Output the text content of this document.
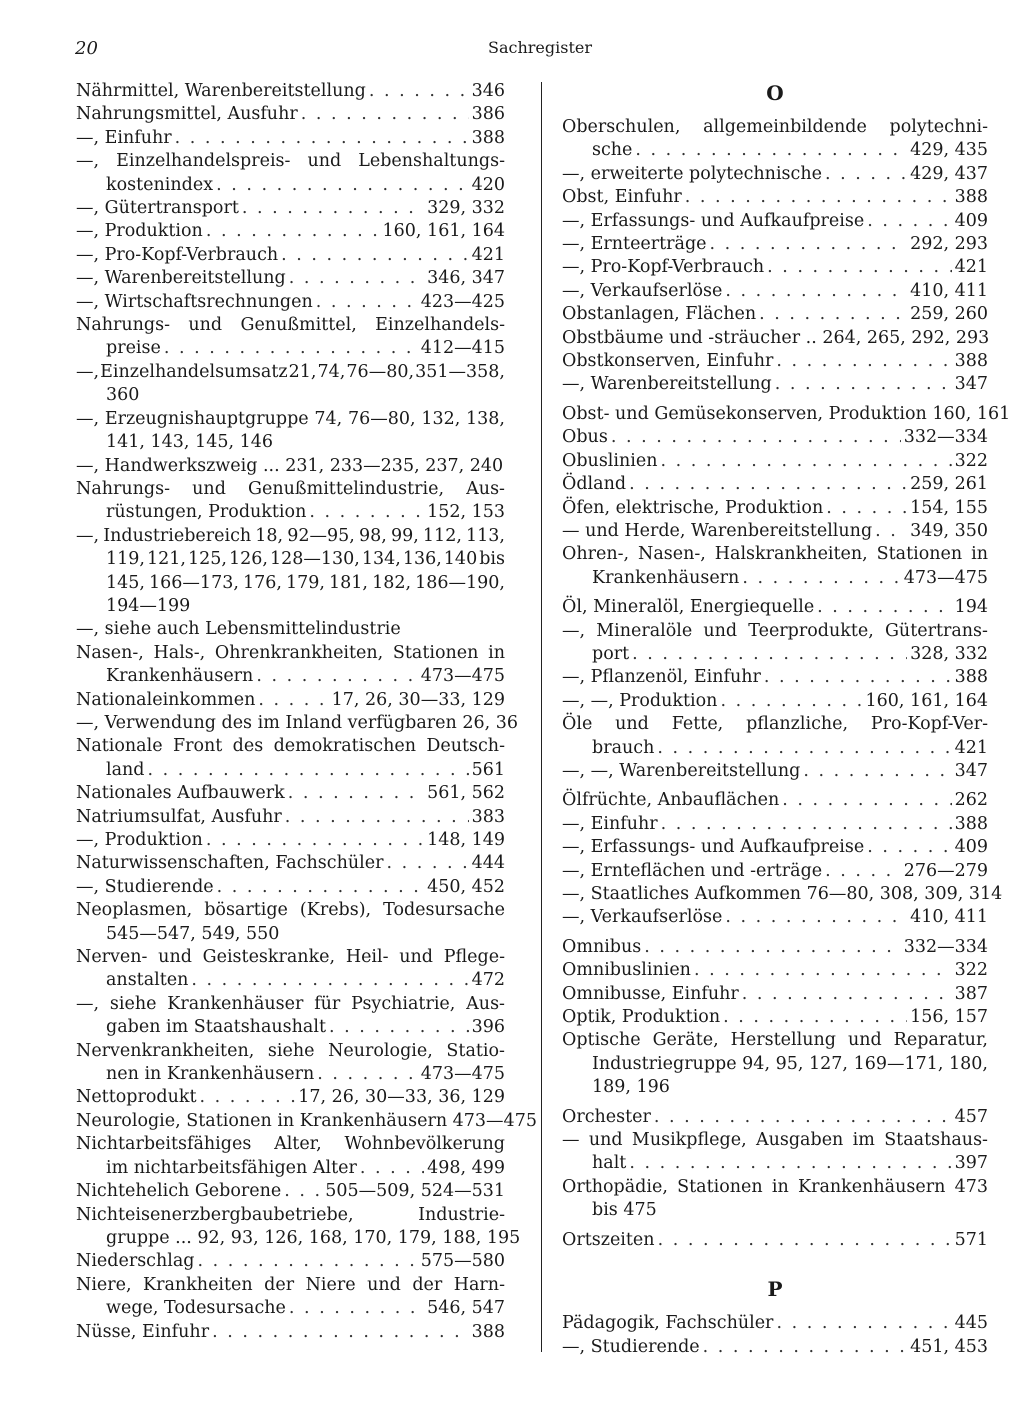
20	Sachregister
Nährmittel, Warenbereitstellung . . .	346
Nahrungsmittel, Ausfuhr . . .	386
—, Einfuhr . . .	388
—, Einzelhandelspreis- und Lebenshaltungs-
kostenindex . . .	420
—, Gütertransport . . .	329, 332
—, Produktion . . .	160, 161, 164
—, Pro-Kopf-Verbrauch . . .	421
—, Warenbereitstellung . . .	346, 347
—, Wirtschaftsrechnungen . . .	423—425
Nahrungs- und Genußmittel, Einzelhandels-
preise . . .	412—415
—, Einzelhandelsumsatz 21, 74, 76—80, 351—358,
360
—, Erzeugnishauptgruppe 74, 76—80, 132, 138,
141, 143, 145, 146
—, Handwerkszweig ... 231, 233—235, 237, 240
Nahrungs- und Genußmittelindustrie, Aus-
rüstungen, Produktion . . .	152, 153
—, Industriebereich 18, 92—95, 98, 99, 112, 113,
119, 121, 125, 126, 128—130, 134, 136, 140 bis
145, 166—173, 176, 179, 181, 182, 186—190,
194—199
—, siehe auch Lebensmittelindustrie
Nasen-, Hals-, Ohrenkrankheiten, Stationen in
Krankenhäusern . . .	473—475
Nationaleinkommen . . .	17, 26, 30—33, 129
—, Verwendung des im Inland verfügbaren 26, 36
Nationale Front des demokratischen Deutsch-
land . . .	561
Nationales Aufbauwerk . . .	561, 562
Natriumsulfat, Ausfuhr . . .	383
—, Produktion . . .	148, 149
Naturwissenschaften, Fachschüler . . .	444
—, Studierende . . .	450, 452
Neoplasmen, bösartige (Krebs), Todesursache
545—547, 549, 550
Nerven- und Geisteskranke, Heil- und Pflege-
anstalten . . .	472
—, siehe Krankenhäuser für Psychiatrie, Aus-
gaben im Staatshaushalt . . .	396
Nervenkrankheiten, siehe Neurologie, Statio-
nen in Krankenhäusern . . .	473—475
Nettoprodukt . . .	17, 26, 30—33, 36, 129
Neurologie, Stationen in Krankenhäusern 473—475
Nichtarbeitsfähiges Alter, Wohnbevölkerung
im nichtarbeitsfähigen Alter . . .	498, 499
Nichtehelich Geborene . . .	505—509, 524—531
Nichteisenerzbergbaubetriebe,	Industrie-
gruppe ... 92, 93, 126, 168, 170, 179, 188, 195
Niederschlag . . .	575—580
Niere, Krankheiten der Niere und der Harn-
wege, Todesursache . . .	546, 547
Nüsse, Einfuhr . . .	388
O
Oberschulen, allgemeinbildende polytechni-
sche . . .	429, 435
—, erweiterte polytechnische . . .	429, 437
Obst, Einfuhr . . .	388
—, Erfassungs- und Aufkaufpreise . . .	409
—, Ernteerträge . . .	292, 293
—, Pro-Kopf-Verbrauch . . .	421
—, Verkaufserlöse . . .	410, 411
Obstanlagen, Flächen . . .	259, 260
Obstbäume und -sträucher .. 264, 265, 292, 293
Obstkonserven, Einfuhr . . .	388
—, Warenbereitstellung . . .	347
Obst- und Gemüsekonserven, Produktion 160, 161
Obus . . .	332—334
Obuslinien . . .	322
Ödland . . .	259, 261
Öfen, elektrische, Produktion . . .	154, 155
— und Herde, Warenbereitstellung . . . 349, 350
Ohren-, Nasen-, Halskrankheiten, Stationen in
Krankenhäusern . . .	473—475
Öl, Mineralöl, Energiequelle . . .	194
—, Mineralöle und Teerprodukte, Gütertrans-
port . . .	328, 332
—, Pflanzenöl, Einfuhr . . .	388
—, —, Produktion . . .	160, 161, 164
Öle und Fette, pflanzliche, Pro-Kopf-Ver-
brauch . . .	421
—, —, Warenbereitstellung . . .	347
Ölfrüchte, Anbauflächen . . .	262
—, Einfuhr . . .	388
—, Erfassungs- und Aufkaufpreise . . .	409
—, Ernteflächen und -erträge . . .	276—279
—, Staatliches Aufkommen 76—80, 308, 309, 314
—, Verkaufserlöse . . .	410, 411
Omnibus . . .	332—334
Omnibuslinien . . .	322
Omnibusse, Einfuhr . . .	387
Optik, Produktion . . .	156, 157
Optische Geräte, Herstellung und Reparatur,
Industriegruppe 94, 95, 127, 169—171, 180,
189, 196
Orchester . . .	457
— und Musikpflege, Ausgaben im Staatshaus-
halt . . .	397
Orthopädie, Stationen in Krankenhäusern 473
bis 475
Ortszeiten . . .	571
P
Pädagogik, Fachschüler . . .	445
—, Studierende . . .	451, 453
